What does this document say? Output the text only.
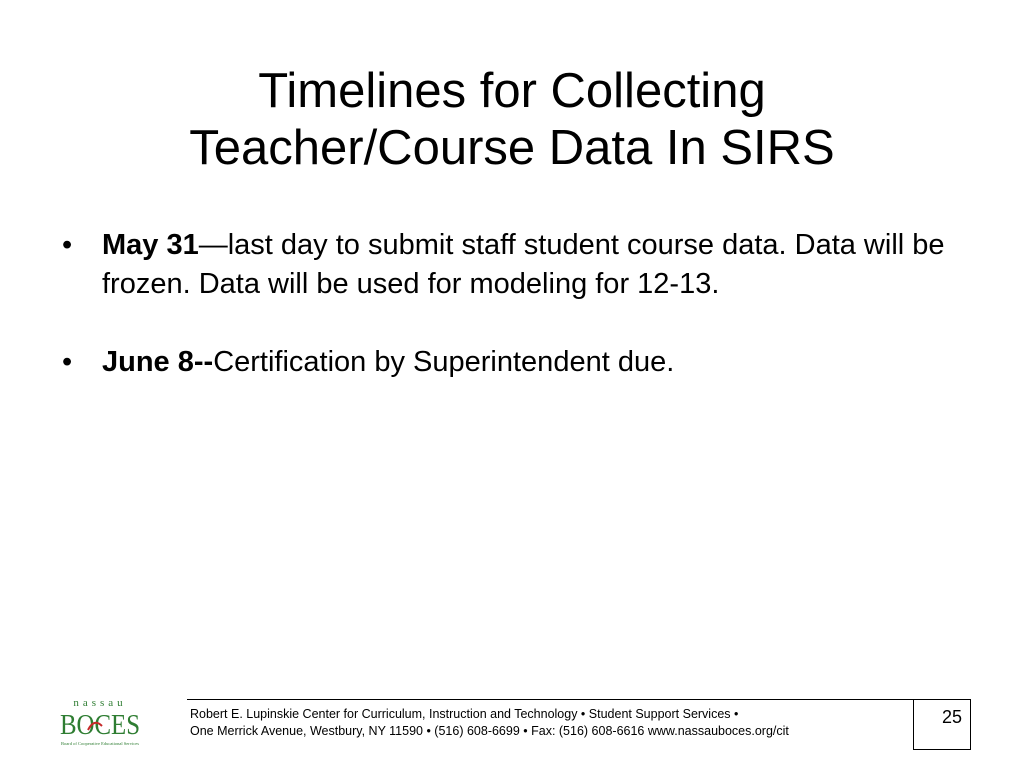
Timelines for Collecting
Teacher/Course Data In SIRS
• May 31—last day to submit staff student course data. Data will be frozen. Data will be used for modeling for 12-13.
• June 8--Certification by Superintendent due.
nassau
BOCES
Board of Cooperative Educational Services
Robert E. Lupinskie Center for Curriculum, Instruction and Technology • Student Support Services •
One Merrick Avenue, Westbury, NY 11590 • (516) 608-6699 • Fax: (516) 608-6616 www.nassauboces.org/cit
25
